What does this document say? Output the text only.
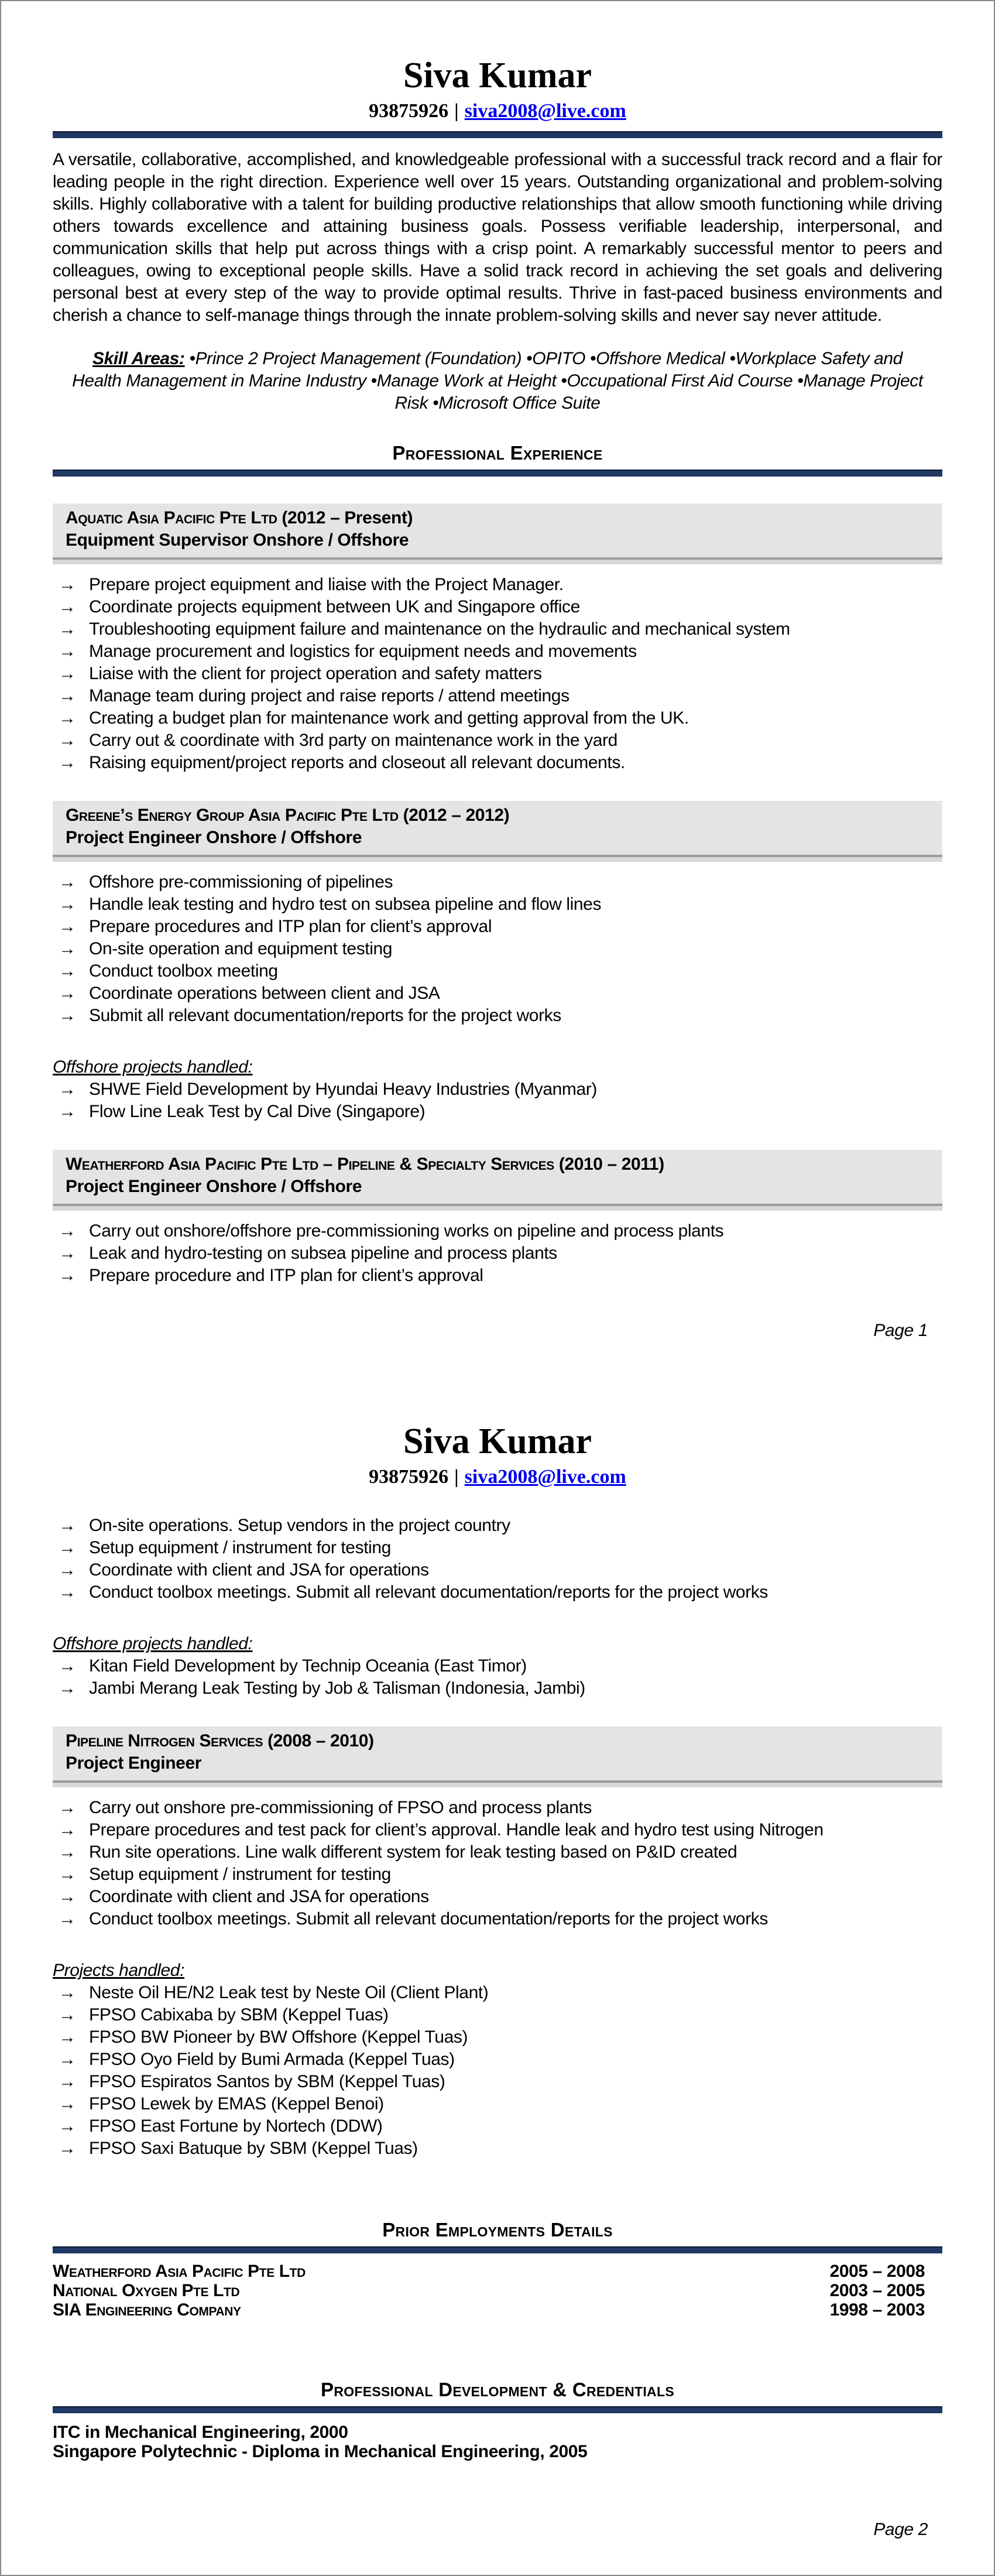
Siva Kumar
93875926 | siva2008@live.com

A versatile, collaborative, accomplished, and knowledgeable professional with a successful track record and a flair for leading people in the right direction. Experience well over 15 years. Outstanding organizational and problem-solving skills. Highly collaborative with a talent for building productive relationships that allow smooth functioning while driving others towards excellence and attaining business goals. Possess verifiable leadership, interpersonal, and communication skills that help put across things with a crisp point. A remarkably successful mentor to peers and colleagues, owing to exceptional people skills. Have a solid track record in achieving the set goals and delivering personal best at every step of the way to provide optimal results. Thrive in fast-paced business environments and cherish a chance to self-manage things through the innate problem-solving skills and never say never attitude.

Skill Areas: •Prince 2 Project Management (Foundation) •OPITO •Offshore Medical •Workplace Safety and Health Management in Marine Industry •Manage Work at Height •Occupational First Aid Course •Manage Project Risk •Microsoft Office Suite

Professional Experience
Aquatic Asia Pacific Pte Ltd (2012 – Present)
Equipment Supervisor Onshore / Offshore
→ Prepare project equipment and liaise with the Project Manager.
→ Coordinate projects equipment between UK and Singapore office
→ Troubleshooting equipment failure and maintenance on the hydraulic and mechanical system
→ Manage procurement and logistics for equipment needs and movements
→ Liaise with the client for project operation and safety matters
→ Manage team during project and raise reports / attend meetings
→ Creating a budget plan for maintenance work and getting approval from the UK.
→ Carry out & coordinate with 3rd party on maintenance work in the yard
→ Raising equipment/project reports and closeout all relevant documents.
Greene’s Energy Group Asia Pacific Pte Ltd (2012 – 2012)
Project Engineer Onshore / Offshore
→ Offshore pre-commissioning of pipelines
→ Handle leak testing and hydro test on subsea pipeline and flow lines
→ Prepare procedures and ITP plan for client’s approval
→ On-site operation and equipment testing
→ Conduct toolbox meeting
→ Coordinate operations between client and JSA
→ Submit all relevant documentation/reports for the project works
Offshore projects handled:
→ SHWE Field Development by Hyundai Heavy Industries (Myanmar)
→ Flow Line Leak Test by Cal Dive (Singapore)
Weatherford Asia Pacific Pte Ltd – Pipeline & Specialty Services (2010 – 2011)
Project Engineer Onshore / Offshore
→ Carry out onshore/offshore pre-commissioning works on pipeline and process plants
→ Leak and hydro-testing on subsea pipeline and process plants
→ Prepare procedure and ITP plan for client’s approval
Page 1
Siva Kumar
93875926 | siva2008@live.com
→ On-site operations. Setup vendors in the project country
→ Setup equipment / instrument for testing
→ Coordinate with client and JSA for operations
→ Conduct toolbox meetings. Submit all relevant documentation/reports for the project works
Offshore projects handled:
→ Kitan Field Development by Technip Oceania (East Timor)
→ Jambi Merang Leak Testing by Job & Talisman (Indonesia, Jambi)
Pipeline Nitrogen Services (2008 – 2010)
Project Engineer
→ Carry out onshore pre-commissioning of FPSO and process plants
→ Prepare procedures and test pack for client’s approval. Handle leak and hydro test using Nitrogen
→ Run site operations. Line walk different system for leak testing based on P&ID created
→ Setup equipment / instrument for testing
→ Coordinate with client and JSA for operations
→ Conduct toolbox meetings. Submit all relevant documentation/reports for the project works
Projects handled:
→ Neste Oil HE/N2 Leak test by Neste Oil (Client Plant)
→ FPSO Cabixaba by SBM (Keppel Tuas)
→ FPSO BW Pioneer by BW Offshore (Keppel Tuas)
→ FPSO Oyo Field by Bumi Armada (Keppel Tuas)
→ FPSO Espiratos Santos by SBM (Keppel Tuas)
→ FPSO Lewek by EMAS (Keppel Benoi)
→ FPSO East Fortune by Nortech (DDW)
→ FPSO Saxi Batuque by SBM (Keppel Tuas)
Prior Employments Details
Weatherford Asia Pacific Pte Ltd	2005 – 2008
National Oxygen Pte Ltd	2003 – 2005
SIA Engineering Company	1998 – 2003
Professional Development & Credentials
ITC in Mechanical Engineering, 2000
Singapore Polytechnic - Diploma in Mechanical Engineering, 2005
Page 2
